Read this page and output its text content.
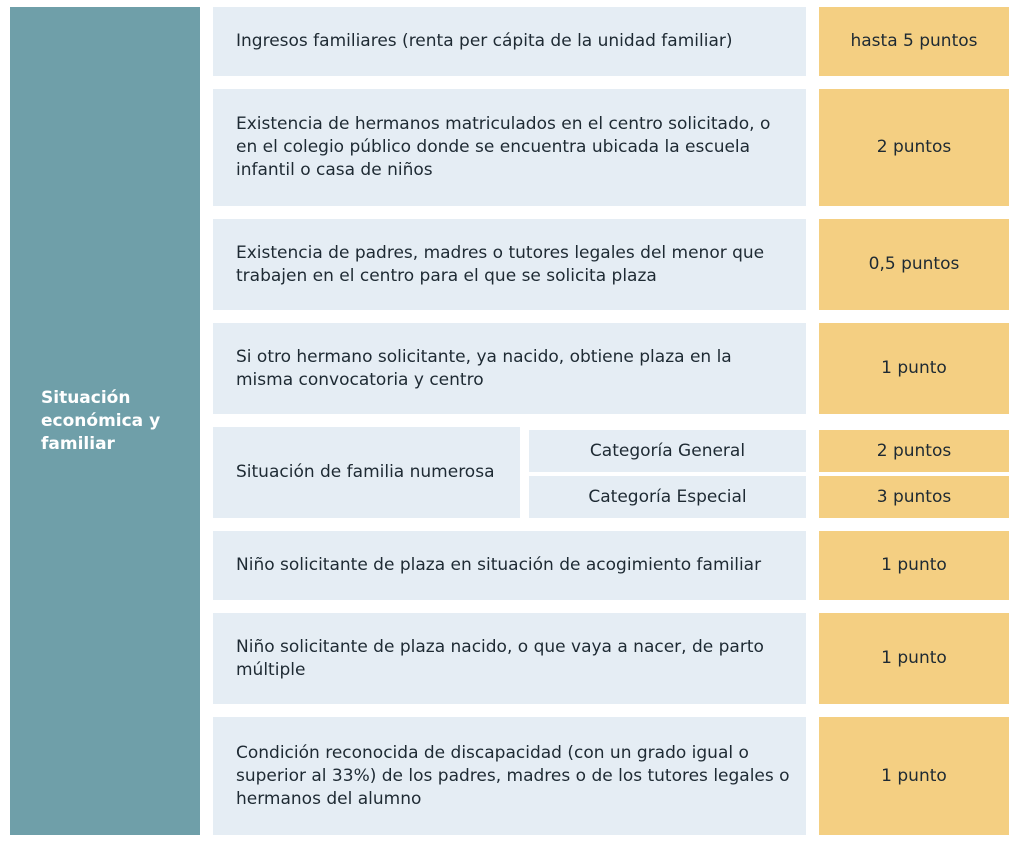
Situación económica y familiar
Ingresos familiares (renta per cápita de la unidad familiar)	hasta 5 puntos
Existencia de hermanos matriculados en el centro solicitado, o en el colegio público donde se encuentra ubicada la escuela infantil o casa de niños
2 puntos
Existencia de padres, madres o tutores legales del menor que trabajen en el centro para el que se solicita plaza
0,5 puntos
Si otro hermano solicitante, ya nacido, obtiene plaza en la misma convocatoria y centro
1 punto
Situación de familia numerosa
Categoría General
Categoría Especial
2 puntos
3 puntos
Niño solicitante de plaza en situación de acogimiento familiar	1 punto
Niño solicitante de plaza nacido, o que vaya a nacer, de parto múltiple
1 punto
Condición reconocida de discapacidad (con un grado igual o superior al 33%) de los padres, madres o de los tutores legales o hermanos del alumno
1 punto
